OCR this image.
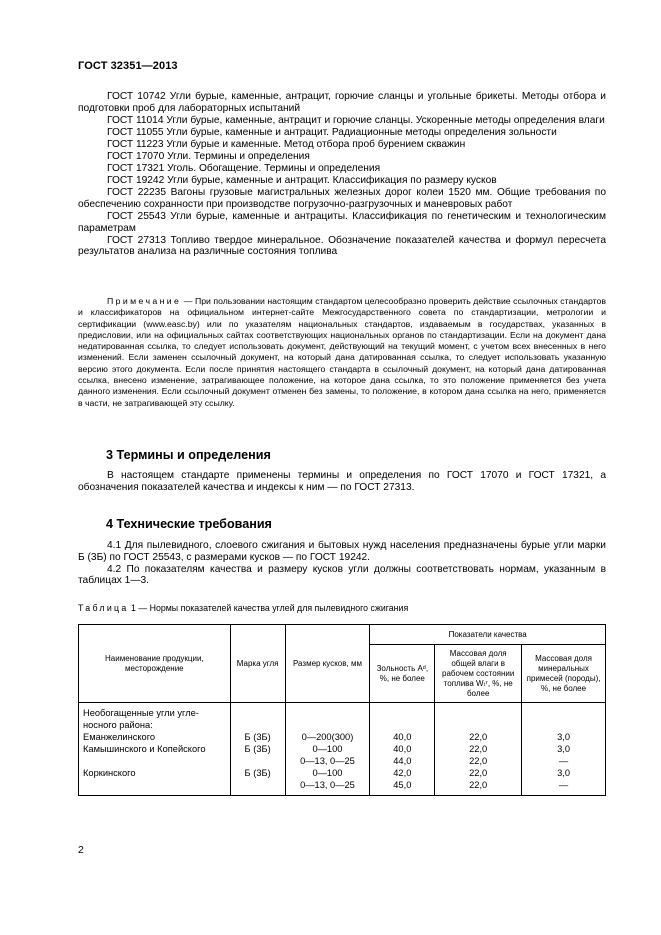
ГОСТ 32351—2013

ГОСТ 10742 Угли бурые, каменные, антрацит, горючие сланцы и угольные брикеты. Методы отбора и подготовки проб для лабораторных испытаний

ГОСТ 11014 Угли бурые, каменные, антрацит и горючие сланцы. Ускоренные методы определения влаги

ГОСТ 11055 Угли бурые, каменные и антрацит. Радиационные методы определения зольности

ГОСТ 11223 Угли бурые и каменные. Метод отбора проб бурением скважин

ГОСТ 17070 Угли. Термины и определения

ГОСТ 17321 Уголь. Обогащение. Термины и определения

ГОСТ 19242 Угли бурые, каменные и антрацит. Классификация по размеру кусков

ГОСТ 22235 Вагоны грузовые магистральных железных дорог колеи 1520 мм. Общие требования по обеспечению сохранности при производстве погрузочно-разгрузочных и маневровых работ

ГОСТ 25543 Угли бурые, каменные и антрациты. Классификация по генетическим и технологическим параметрам

ГОСТ 27313 Топливо твердое минеральное. Обозначение показателей качества и формул пересчета результатов анализа на различные состояния топлива

Примечание — При пользовании настоящим стандартом целесообразно проверить действие ссылочных стандартов и классификаторов на официальном интернет-сайте Межгосударственного совета по стандартизации, метрологии и сертификации (www.easc.by) или по указателям национальных стандартов, издаваемым в государствах, указанных в предисловии, или на официальных сайтах соответствующих национальных органов по стандартизации. Если на документ дана недатированная ссылка, то следует использовать документ, действующий на текущий момент, с учетом всех внесенных в него изменений. Если заменен ссылочный документ, на который дана датированная ссылка, то следует использовать указанную версию этого документа. Если после принятия настоящего стандарта в ссылочный документ, на который дана датированная ссылка, внесено изменение, затрагивающее положение, на которое дана ссылка, то это положение применяется без учета данного изменения. Если ссылочный документ отменен без замены, то положение, в котором дана ссылка на него, применяется в части, не затрагивающей эту ссылку.
3 Термины и определения

В настоящем стандарте применены термины и определения по ГОСТ 17070 и ГОСТ 17321, а обозначения показателей качества и индексы к ним — по ГОСТ 27313.

4 Технические требования

4.1 Для пылевидного, слоевого сжигания и бытовых нужд населения предназначены бурые угли марки Б (3Б) по ГОСТ 25543, с размерами кусков — по ГОСТ 19242.

4.2 По показателям качества и размеру кусков угли должны соответствовать нормам, указанным в таблицах 1—3.

Таблица 1 — Нормы показателей качества углей для пылевидного сжигания
Наименование продукции, месторождение	Марка угля	Размер кусков, мм	Показатели качества		
			Зольность Aᵈ, %, не более	Массовая доля общей влаги в рабочем состоянии топлива Wₜʳ, %, не более	Массовая доля минеральных примесей (породы), %, не более
Необогащенные угли угле-					
носного района:					
Еманжелинского	Б (3Б)	0—200(300)	40,0	22,0	3,0
Камышинского и Копейского	Б (3Б)	0—100	40,0	22,0	3,0
		0—13, 0—25	44,0	22,0	—
Коркинского	Б (3Б)	0—100	42,0	22,0	3,0
		0—13, 0—25	45,0	22,0	—
2
